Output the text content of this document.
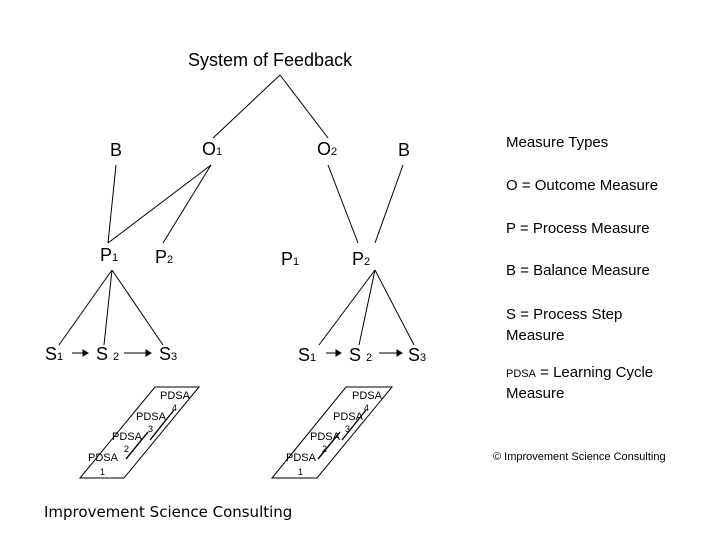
System of Feedback
B	O1	O2	B
P1 P2	P1	P2
S1 S 2 S3	S1 S 2 S3
PDSA
4
PDSA
3
PDSA
2
PDSA
1
PDSA
4
PDSA
3
PDSA
2
PDSA
1
Measure Types
O = Outcome Measure
P = Process Measure
B = Balance Measure
S = Process Step
Measure
PDSA = Learning Cycle
Measure
Improvement Science Consulting
© Improvement Science Consulting
